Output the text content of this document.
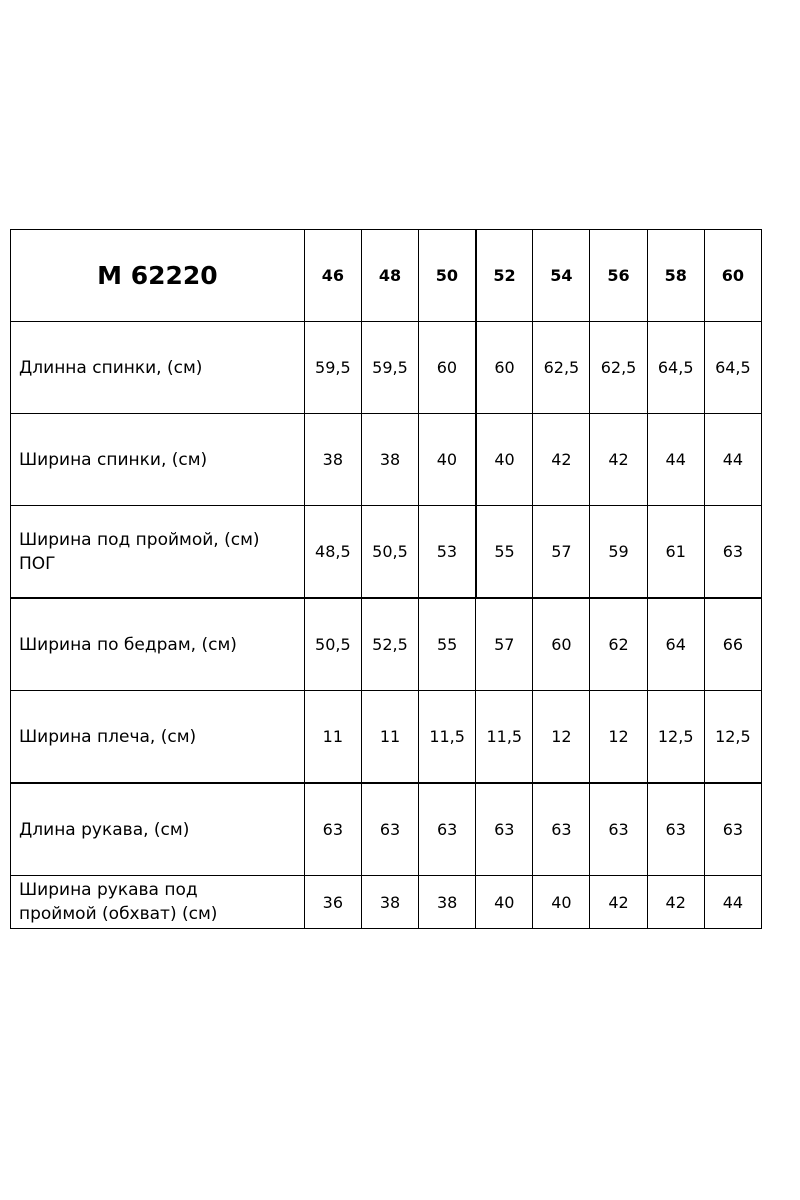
М 62220	46	48	50	52	54	56	58	60
Длинна спинки, (см)	59,5	59,5	60	60	62,5	62,5	64,5	64,5
Ширина спинки, (см)	38	38	40	40	42	42	44	44

Ширина под проймой, (см)
ПОГ	48,5	50,5	53	55	57	59	61	63
Ширина по бедрам, (см)	50,5	52,5	55	57	60	62	64	66
Ширина плеча, (см)	11	11	11,5	11,5	12	12	12,5	12,5
Длина рукава, (см)	63	63	63	63	63	63	63	63

Ширина рукава под
проймой (обхват) (см)	36	38	38	40	40	42	42	44
